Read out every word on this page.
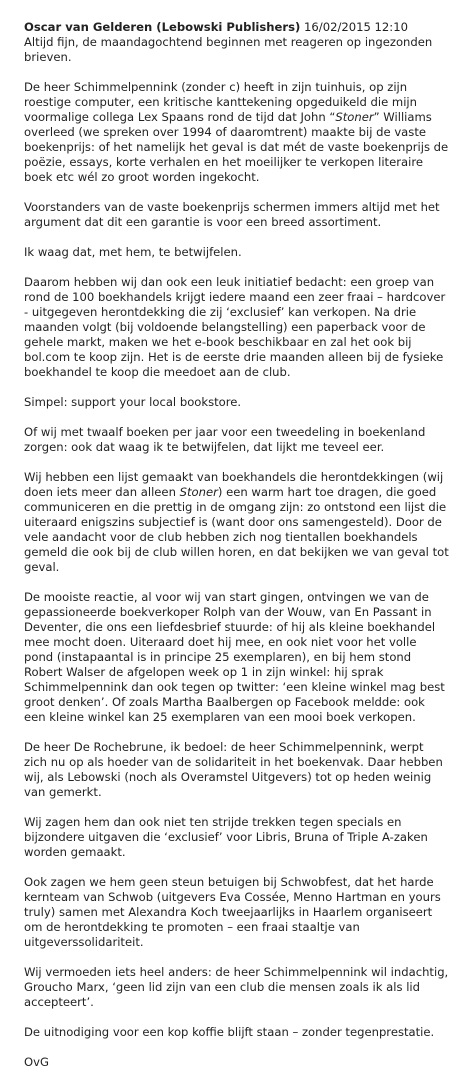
Oscar van Gelderen (Lebowski Publishers) 16/02/2015 12:10

Altijd fijn, de maandagochtend beginnen met reageren op ingezonden brieven.

De heer Schimmelpennink (zonder c) heeft in zijn tuinhuis, op zijn roestige computer, een kritische kanttekening opgeduikeld die mijn voormalige collega Lex Spaans rond de tijd dat John “Stoner” Williams overleed (we spreken over 1994 of daaromtrent) maakte bij de vaste boekenprijs: of het namelijk het geval is dat mét de vaste boekenprijs de poëzie, essays, korte verhalen en het moeilijker te verkopen literaire boek etc wél zo groot worden ingekocht.

Voorstanders van de vaste boekenprijs schermen immers altijd met het argument dat dit een garantie is voor een breed assortiment.

Ik waag dat, met hem, te betwijfelen.

Daarom hebben wij dan ook een leuk initiatief bedacht: een groep van rond de 100 boekhandels krijgt iedere maand een zeer fraai – hardcover - uitgegeven herontdekking die zij ‘exclusief’ kan verkopen. Na drie maanden volgt (bij voldoende belangstelling) een paperback voor de gehele markt, maken we het e-book beschikbaar en zal het ook bij bol.com te koop zijn. Het is de eerste drie maanden alleen bij de fysieke boekhandel te koop die meedoet aan de club.

Simpel: support your local bookstore.

Of wij met twaalf boeken per jaar voor een tweedeling in boekenland zorgen: ook dat waag ik te betwijfelen, dat lijkt me teveel eer.

Wij hebben een lijst gemaakt van boekhandels die herontdekkingen (wij doen iets meer dan alleen Stoner) een warm hart toe dragen, die goed communiceren en die prettig in de omgang zijn: zo ontstond een lijst die uiteraard enigszins subjectief is (want door ons samengesteld). Door de vele aandacht voor de club hebben zich nog tientallen boekhandels gemeld die ook bij de club willen horen, en dat bekijken we van geval tot geval.

De mooiste reactie, al voor wij van start gingen, ontvingen we van de gepassioneerde boekverkoper Rolph van der Wouw, van En Passant in Deventer, die ons een liefdesbrief stuurde: of hij als kleine boekhandel mee mocht doen. Uiteraard doet hij mee, en ook niet voor het volle pond (instapaantal is in principe 25 exemplaren), en bij hem stond Robert Walser de afgelopen week op 1 in zijn winkel: hij sprak Schimmelpennink dan ook tegen op twitter: ‘een kleine winkel mag best groot denken’. Of zoals Martha Baalbergen op Facebook meldde: ook een kleine winkel kan 25 exemplaren van een mooi boek verkopen.

De heer De Rochebrune, ik bedoel: de heer Schimmelpennink, werpt zich nu op als hoeder van de solidariteit in het boekenvak. Daar hebben wij, als Lebowski (noch als Overamstel Uitgevers) tot op heden weinig van gemerkt.

Wij zagen hem dan ook niet ten strijde trekken tegen specials en bijzondere uitgaven die ‘exclusief’ voor Libris, Bruna of Triple A-zaken worden gemaakt.

Ook zagen we hem geen steun betuigen bij Schwobfest, dat het harde kernteam van Schwob (uitgevers Eva Cossée, Menno Hartman en yours truly) samen met Alexandra Koch tweejaarlijks in Haarlem organiseert om de herontdekking te promoten – een fraai staaltje van uitgeverssolidariteit.

Wij vermoeden iets heel anders: de heer Schimmelpennink wil indachtig, Groucho Marx, ‘geen lid zijn van een club die mensen zoals ik als lid accepteert’.

De uitnodiging voor een kop koffie blijft staan – zonder tegenprestatie.

OvG
